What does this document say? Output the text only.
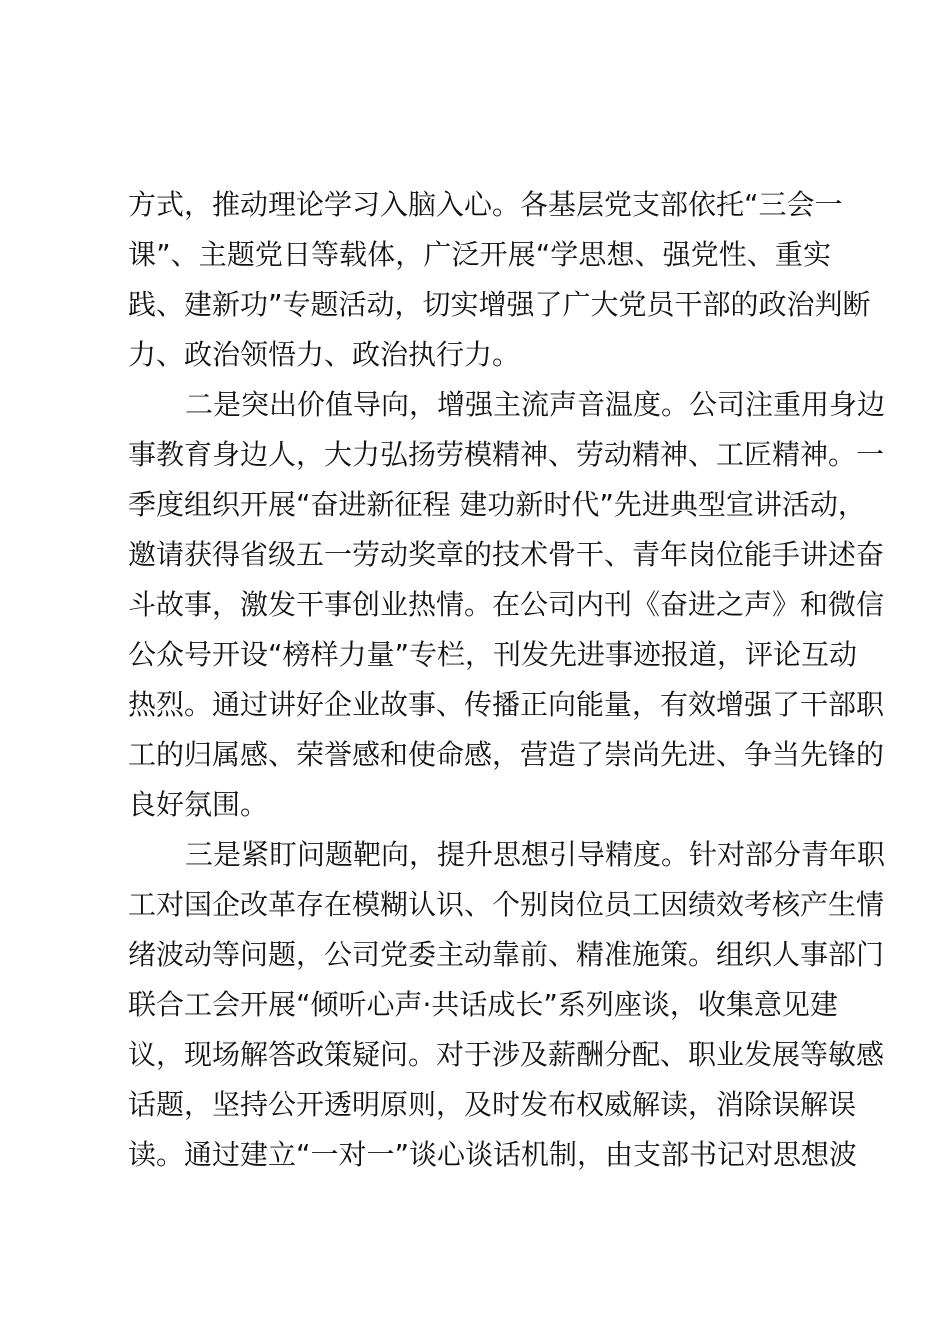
方式，推动理论学习入脑入心。各基层党支部依托“三会一
课”、主题党日等载体，广泛开展“学思想、强党性、重实
践、建新功”专题活动，切实增强了广大党员干部的政治判断
力、政治领悟力、政治执行力。
二是突出价值导向，增强主流声音温度。公司注重用身边
事教育身边人，大力弘扬劳模精神、劳动精神、工匠精神。一
季度组织开展“奋进新征程 建功新时代”先进典型宣讲活动，
邀请获得省级五一劳动奖章的技术骨干、青年岗位能手讲述奋
斗故事，激发干事创业热情。在公司内刊《奋进之声》和微信
公众号开设“榜样力量”专栏，刊发先进事迹报道，评论互动
热烈。通过讲好企业故事、传播正向能量，有效增强了干部职
工的归属感、荣誉感和使命感，营造了崇尚先进、争当先锋的
良好氛围。
三是紧盯问题靶向，提升思想引导精度。针对部分青年职
工对国企改革存在模糊认识、个别岗位员工因绩效考核产生情
绪波动等问题，公司党委主动靠前、精准施策。组织人事部门
联合工会开展“倾听心声·共话成长”系列座谈，收集意见建
议，现场解答政策疑问。对于涉及薪酬分配、职业发展等敏感
话题，坚持公开透明原则，及时发布权威解读，消除误解误
读。通过建立“一对一”谈心谈话机制，由支部书记对思想波
